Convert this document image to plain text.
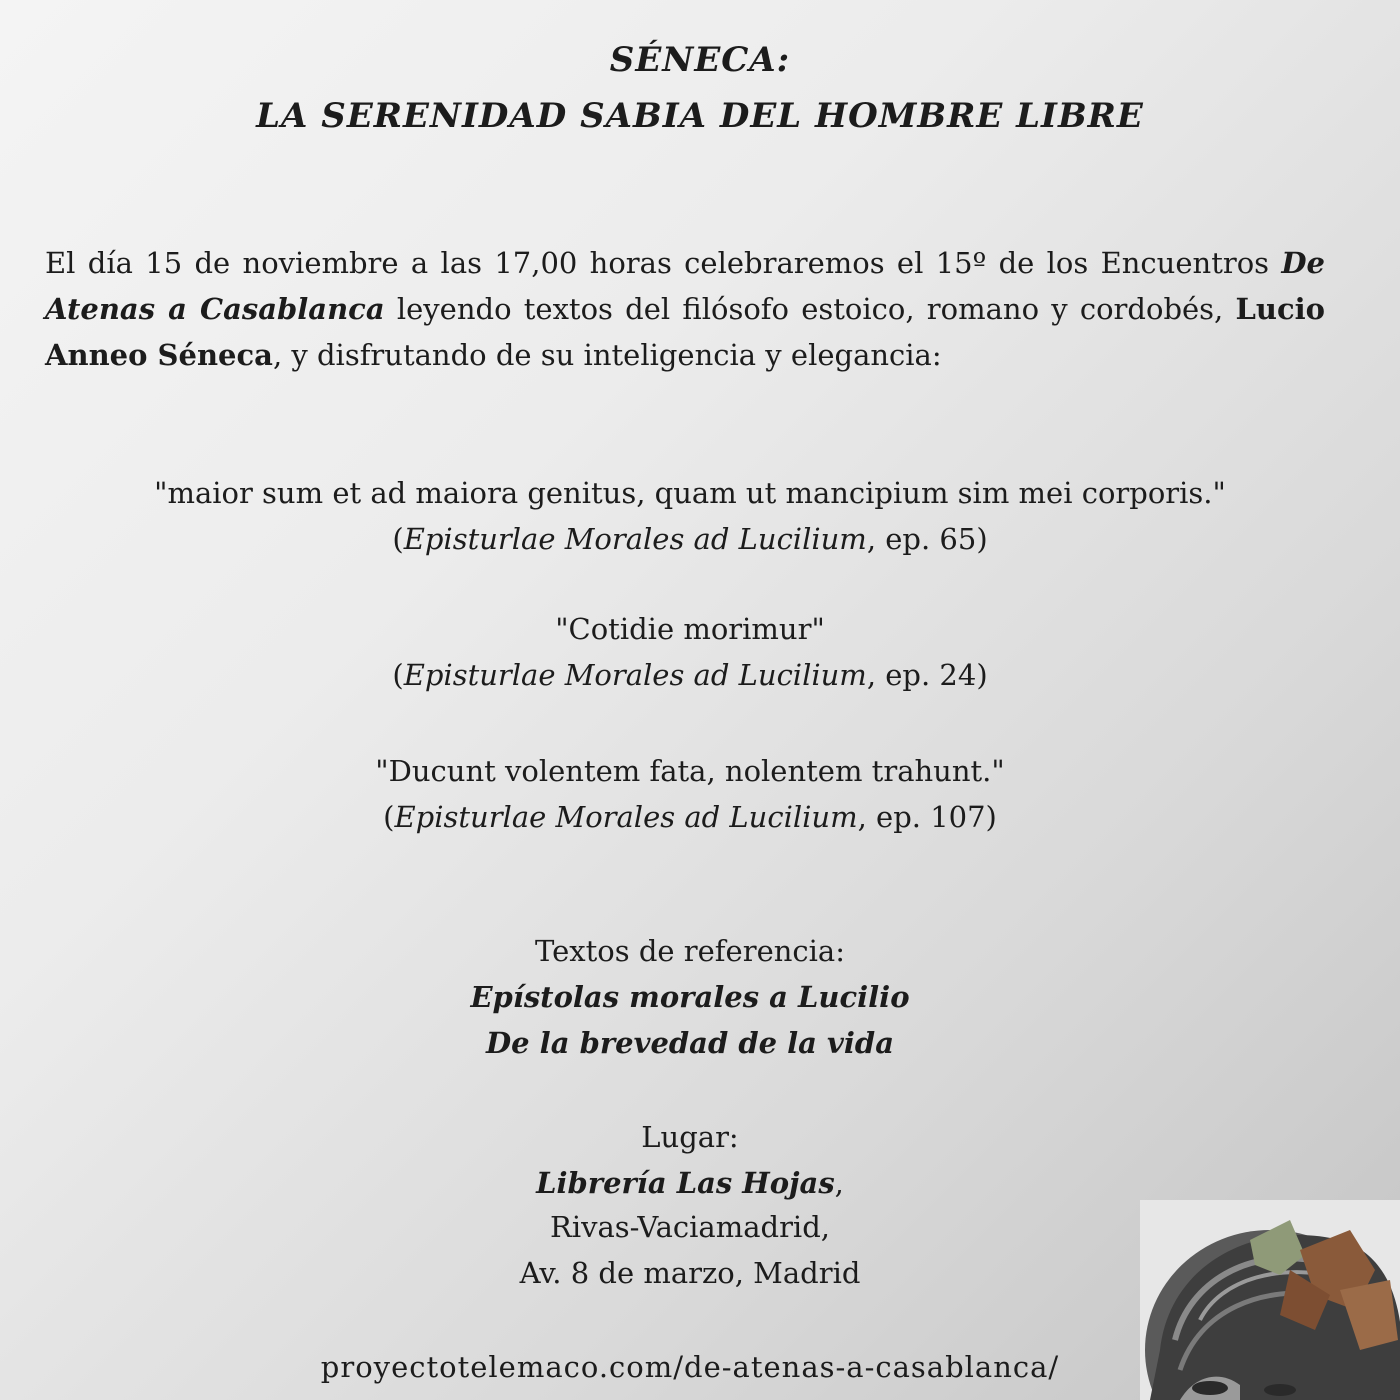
SÉNECA:
LA SERENIDAD SABIA DEL HOMBRE LIBRE

El día 15 de noviembre a las 17,00 horas celebraremos el 15º de los Encuentros De Atenas a Casablanca leyendo textos del filósofo estoico, romano y cordobés, Lucio Anneo Séneca, y disfrutando de su inteligencia y elegancia:

"maior sum et ad maiora genitus, quam ut mancipium sim mei corporis."

(Episturlae Morales ad Lucilium, ep. 65)

"Cotidie morimur"

(Episturlae Morales ad Lucilium, ep. 24)

"Ducunt volentem fata, nolentem trahunt."

(Episturlae Morales ad Lucilium, ep. 107)

Textos de referencia:

Epístolas morales a Lucilio

De la brevedad de la vida

Lugar:

Librería Las Hojas,

Rivas-Vaciamadrid,

Av. 8 de marzo, Madrid

proyectotelemaco.com/de-atenas-a-casablanca/
